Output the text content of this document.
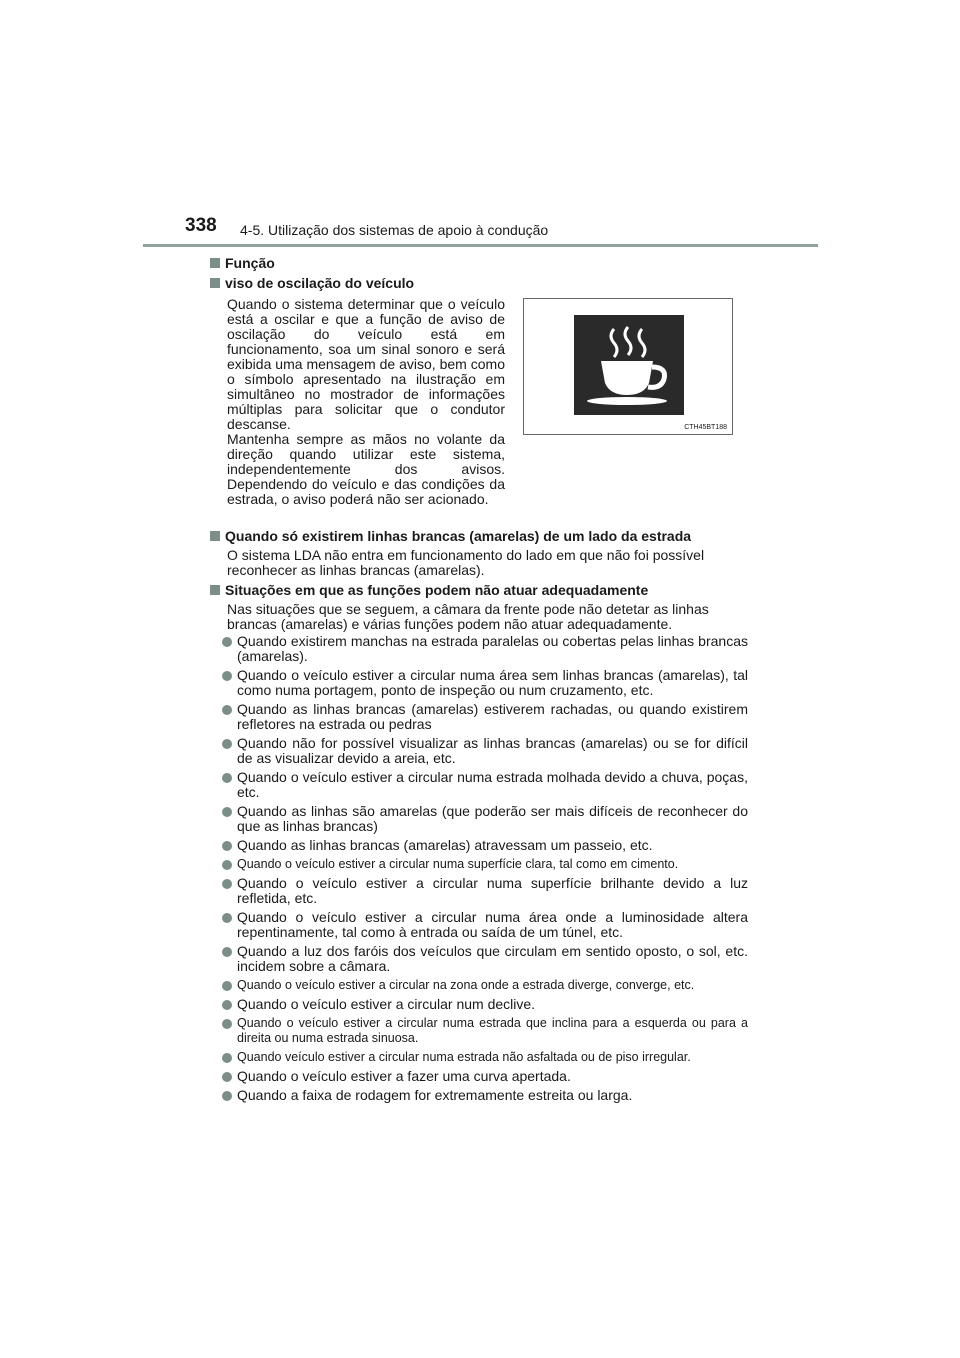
338 4-5. Utilização dos sistemas de apoio à condução
Função
viso de oscilação do veículo
Quando o sistema determinar que o veículo está a oscilar e que a função de aviso de oscilação do veículo está em funcionamento, soa um sinal sonoro e será exibida uma mensagem de aviso, bem como o símbolo apresentado na ilustração em simultâneo no mostrador de informações múltiplas para solicitar que o condutor descanse.
Mantenha sempre as mãos no volante da direção quando utilizar este sistema, independentemente dos avisos. Dependendo do veículo e das condições da estrada, o aviso poderá não ser acionado.
CTH45BT188
Quando só existirem linhas brancas (amarelas) de um lado da estrada
O sistema LDA não entra em funcionamento do lado em que não foi possível reconhecer as linhas brancas (amarelas).
Situações em que as funções podem não atuar adequadamente
Nas situações que se seguem, a câmara da frente pode não detetar as linhas brancas (amarelas) e várias funções podem não atuar adequadamente.
Quando existirem manchas na estrada paralelas ou cobertas pelas linhas brancas (amarelas).
Quando o veículo estiver a circular numa área sem linhas brancas (amarelas), tal como numa portagem, ponto de inspeção ou num cruzamento, etc.
Quando as linhas brancas (amarelas) estiverem rachadas, ou quando existirem refletores na estrada ou pedras
Quando não for possível visualizar as linhas brancas (amarelas) ou se for difícil de as visualizar devido a areia, etc.
Quando o veículo estiver a circular numa estrada molhada devido a chuva, poças, etc.
Quando as linhas são amarelas (que poderão ser mais difíceis de reconhecer do que as linhas brancas)
Quando as linhas brancas (amarelas) atravessam um passeio, etc.
Quando o veículo estiver a circular numa superfície clara, tal como em cimento.
Quando o veículo estiver a circular numa superfície brilhante devido a luz refletida, etc.
Quando o veículo estiver a circular numa área onde a luminosidade altera repentinamente, tal como à entrada ou saída de um túnel, etc.
Quando a luz dos faróis dos veículos que circulam em sentido oposto, o sol, etc. incidem sobre a câmara.
Quando o veículo estiver a circular na zona onde a estrada diverge, converge, etc.
Quando o veículo estiver a circular num declive.
Quando o veículo estiver a circular numa estrada que inclina para a esquerda ou para a direita ou numa estrada sinuosa.
Quando veículo estiver a circular numa estrada não asfaltada ou de piso irregular.
Quando o veículo estiver a fazer uma curva apertada.
Quando a faixa de rodagem for extremamente estreita ou larga.
